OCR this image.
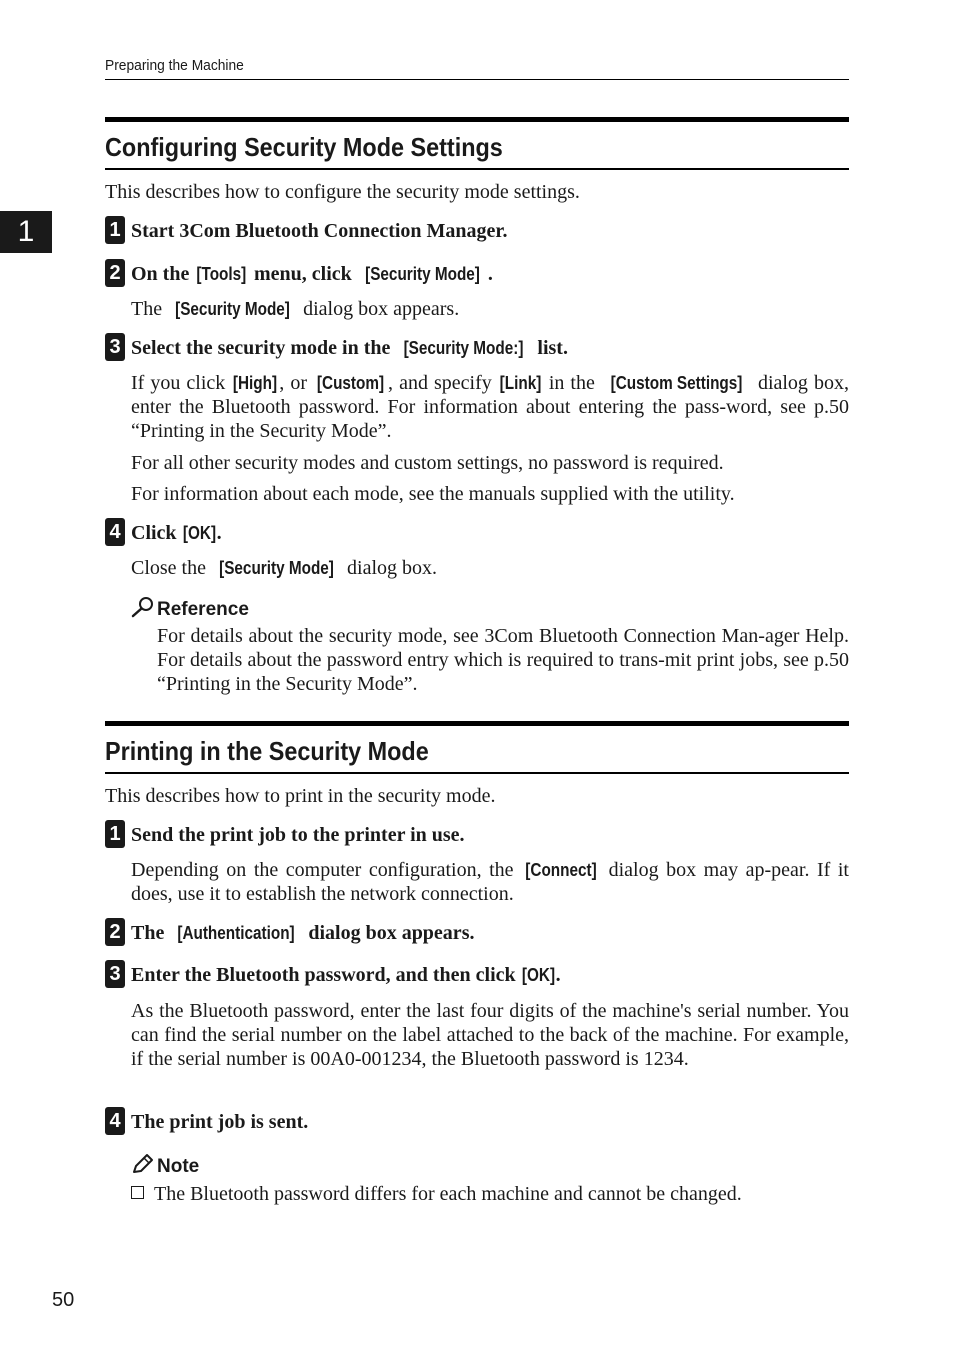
Preparing the Machine
1
Configuring Security Mode Settings

This describes how to configure the security mode settings.

1 Start 3Com Bluetooth Connection Manager.
2 On the [Tools] menu, click [Security Mode] .

The [Security Mode] dialog box appears.

3 Select the security mode in the [Security Mode:] list.

If you click [High], or [Custom] , and specify [Link] in the [Custom Settings] dialog box, enter the Bluetooth password. For information about entering the pass-word, see p.50 “Printing in the Security Mode”.

For all other security modes and custom settings, no password is required.

For information about each mode, see the manuals supplied with the utility.

4 Click [OK].

Close the [Security Mode] dialog box.

Reference

For details about the security mode, see 3Com Bluetooth Connection Man-ager Help. For details about the password entry which is required to trans-mit print jobs, see p.50 “Printing in the Security Mode”.

Printing in the Security Mode

This describes how to print in the security mode.

1 Send the print job to the printer in use.

Depending on the computer configuration, the [Connect] dialog box may ap-pear. If it does, use it to establish the network connection.

2 The [Authentication] dialog box appears.
3 Enter the Bluetooth password, and then click [OK].

As the Bluetooth password, enter the last four digits of the machine's serial number. You can find the serial number on the label attached to the back of the machine. For example, if the serial number is 00A0-001234, the Bluetooth password is 1234.

4 The print job is sent.
Note

The Bluetooth password differs for each machine and cannot be changed.

50
